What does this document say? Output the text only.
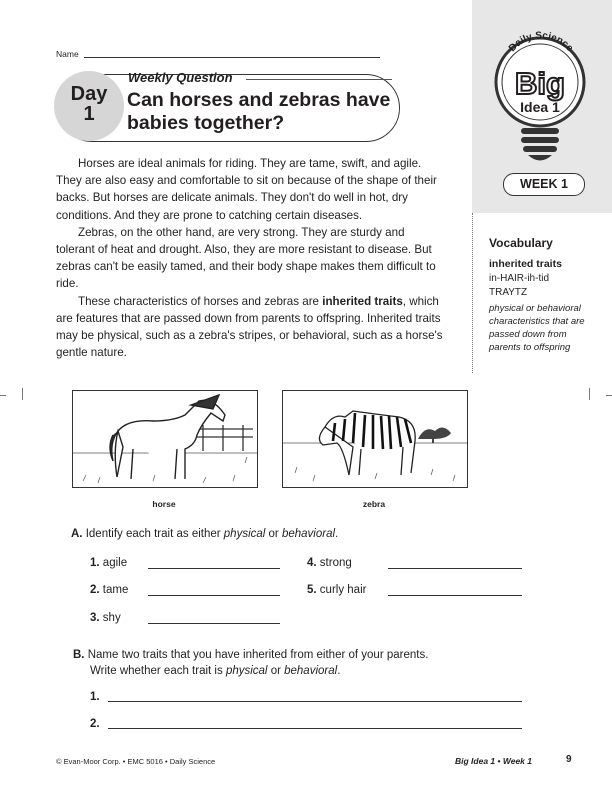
Name
Day
1
Weekly Question
Can horses and zebras have babies together?
Daily Science
Big
Idea 1
WEEK 1

Horses are ideal animals for riding. They are tame, swift, and agile. They are also easy and comfortable to sit on because of the shape of their backs. But horses are delicate animals. They don't do well in hot, dry conditions. And they are prone to catching certain diseases.

Zebras, on the other hand, are very strong. They are sturdy and tolerant of heat and drought. Also, they are more resistant to disease. But zebras can't be easily tamed, and their body shape makes them difficult to ride.

These characteristics of horses and zebras are inherited traits, which are features that are passed down from parents to offspring. Inherited traits may be physical, such as a zebra's stripes, or behavioral, such as a horse's gentle nature.

Vocabulary
inherited traits
in-HAIR-ih-tid
TRAYTZ
physical or behavioral characteristics that are passed down from parents to offspring
horse	zebra
A. Identify each trait as either physical or behavioral.
1. agile
2. tame
3. shy
4. strong
5. curly hair
B. Name two traits that you have inherited from either of your parents.
Write whether each trait is physical or behavioral.
1.
2.
© Evan-Moor Corp. • EMC 5016 • Daily Science	Big Idea 1 • Week 1	9
